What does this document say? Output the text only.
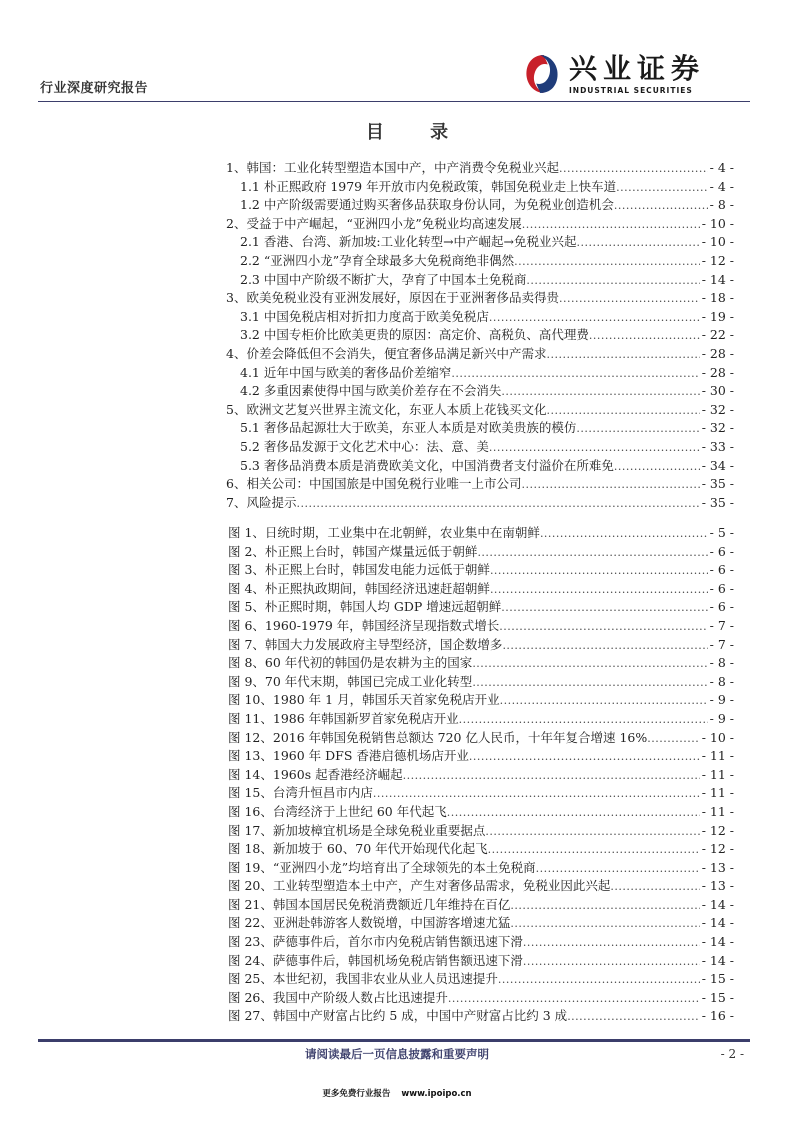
行业深度研究报告
兴业证券
INDUSTRIAL SECURITIES
目 录
1、韩国：工业化转型塑造本国中产，中产消费令免税业兴起 .....	- 4 -
1.1 朴正熙政府 1979 年开放市内免税政策，韩国免税业走上快车道 .....	- 4 -
1.2 中产阶级需要通过购买奢侈品获取身份认同，为免税业创造机会 .....	- 8 -
2、受益于中产崛起，“亚洲四小龙”免税业均高速发展 .....	- 10 -
2.1 香港、台湾、新加坡:工业化转型→中产崛起→免税业兴起 .....	- 10 -
2.2 “亚洲四小龙”孕育全球最多大免税商绝非偶然 .....	- 12 -
2.3 中国中产阶级不断扩大，孕育了中国本土免税商 .....	- 14 -
3、欧美免税业没有亚洲发展好，原因在于亚洲奢侈品卖得贵 .....	- 18 -
3.1 中国免税店相对折扣力度高于欧美免税店 .....	- 19 -
3.2 中国专柜价比欧美更贵的原因：高定价、高税负、高代理费 .....	- 22 -
4、价差会降低但不会消失，便宜奢侈品满足新兴中产需求 .....	- 28 -
4.1 近年中国与欧美的奢侈品价差缩窄 .....	- 28 -
4.2 多重因素使得中国与欧美价差存在不会消失 .....	- 30 -
5、欧洲文艺复兴世界主流文化，东亚人本质上花钱买文化 .....	- 32 -
5.1 奢侈品起源壮大于欧美，东亚人本质是对欧美贵族的模仿 .....	- 32 -
5.2 奢侈品发源于文化艺术中心：法、意、美 .....	- 33 -
5.3 奢侈品消费本质是消费欧美文化，中国消费者支付溢价在所难免 .....	- 34 -
6、相关公司：中国国旅是中国免税行业唯一上市公司 .....	- 35 -
7、风险提示 .....	- 35 -
图 1、日统时期，工业集中在北朝鲜，农业集中在南朝鲜 .....	- 5 -
图 2、朴正熙上台时，韩国产煤量远低于朝鲜 .....	- 6 -
图 3、朴正熙上台时，韩国发电能力远低于朝鲜 .....	- 6 -
图 4、朴正熙执政期间，韩国经济迅速赶超朝鲜 .....	- 6 -
图 5、朴正熙时期，韩国人均 GDP 增速远超朝鲜 .....	- 6 -
图 6、1960-1979 年，韩国经济呈现指数式增长 .....	- 7 -
图 7、韩国大力发展政府主导型经济，国企数增多 .....	- 7 -
图 8、60 年代初的韩国仍是农耕为主的国家 .....	- 8 -
图 9、70 年代末期，韩国已完成工业化转型 .....	- 8 -
图 10、1980 年 1 月，韩国乐天首家免税店开业 .....	- 9 -
图 11、1986 年韩国新罗首家免税店开业 .....	- 9 -
图 12、2016 年韩国免税销售总额达 720 亿人民币，十年年复合增速 16% .....	- 10 -
图 13、1960 年 DFS 香港启德机场店开业 .....	- 11 -
图 14、1960s 起香港经济崛起 .....	- 11 -
图 15、台湾升恒昌市内店 .....	- 11 -
图 16、台湾经济于上世纪 60 年代起飞 .....	- 11 -
图 17、新加坡樟宜机场是全球免税业重要据点 .....	- 12 -
图 18、新加坡于 60、70 年代开始现代化起飞 .....	- 12 -
图 19、“亚洲四小龙”均培育出了全球领先的本土免税商 .....	- 13 -
图 20、工业转型塑造本土中产，产生对奢侈品需求，免税业因此兴起 .....	- 13 -
图 21、韩国本国居民免税消费额近几年维持在百亿 .....	- 14 -
图 22、亚洲赴韩游客人数锐增，中国游客增速尤猛 .....	- 14 -
图 23、萨德事件后，首尔市内免税店销售额迅速下滑 .....	- 14 -
图 24、萨德事件后，韩国机场免税店销售额迅速下滑 .....	- 14 -
图 25、本世纪初，我国非农业从业人员迅速提升 .....	- 15 -
图 26、我国中产阶级人数占比迅速提升 .....	- 15 -
图 27、韩国中产财富占比约 5 成，中国中产财富占比约 3 成 .....	- 16 -
请阅读最后一页信息披露和重要声明	- 2 -
更多免费行业报告 www.ipoipo.cn
